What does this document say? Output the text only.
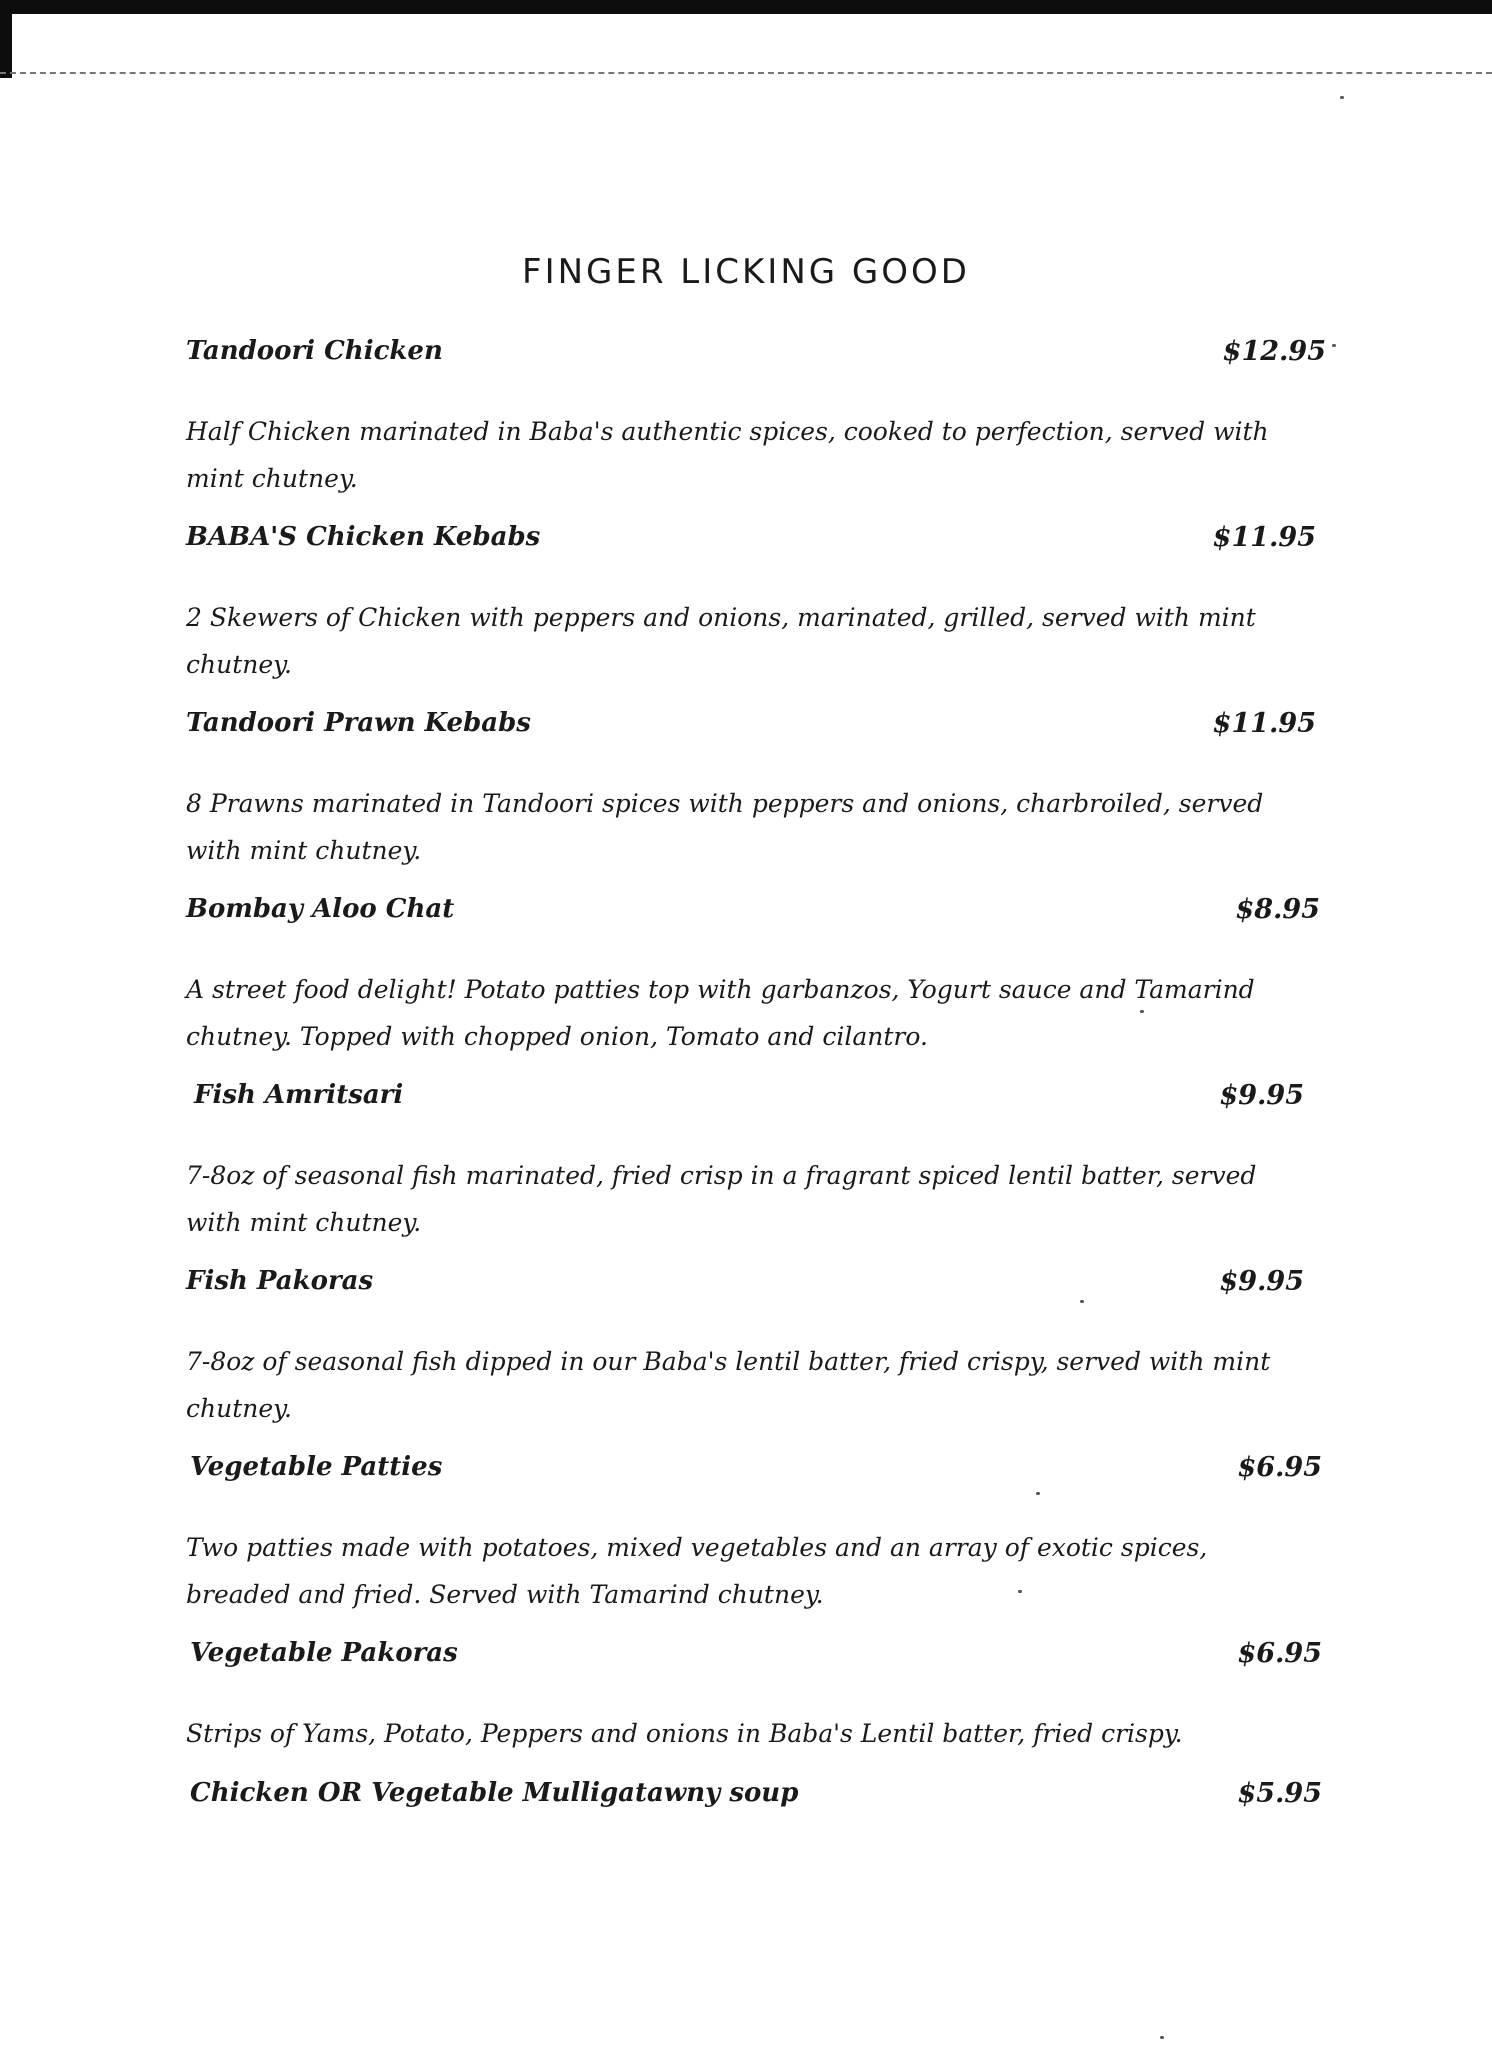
FINGER LICKING GOOD
Tandoori Chicken	$12.95
Half Chicken marinated in Baba's authentic spices, cooked to perfection, served with mint chutney.
BABA'S Chicken Kebabs	$11.95
2 Skewers of Chicken with peppers and onions, marinated, grilled, served with mint chutney.
Tandoori Prawn Kebabs	$11.95
8 Prawns marinated in Tandoori spices with peppers and onions, charbroiled, served with mint chutney.
Bombay Aloo Chat	$8.95
A street food delight! Potato patties top with garbanzos, Yogurt sauce and Tamarind chutney. Topped with chopped onion, Tomato and cilantro.
Fish Amritsari	$9.95
7-8oz of seasonal fish marinated, fried crisp in a fragrant spiced lentil batter, served with mint chutney.
Fish Pakoras	$9.95
7-8oz of seasonal fish dipped in our Baba's lentil batter, fried crispy, served with mint chutney.
Vegetable Patties	$6.95
Two patties made with potatoes, mixed vegetables and an array of exotic spices, breaded and fried. Served with Tamarind chutney.
Vegetable Pakoras	$6.95
Strips of Yams, Potato, Peppers and onions in Baba's Lentil batter, fried crispy.
Chicken OR Vegetable Mulligatawny soup	$5.95
